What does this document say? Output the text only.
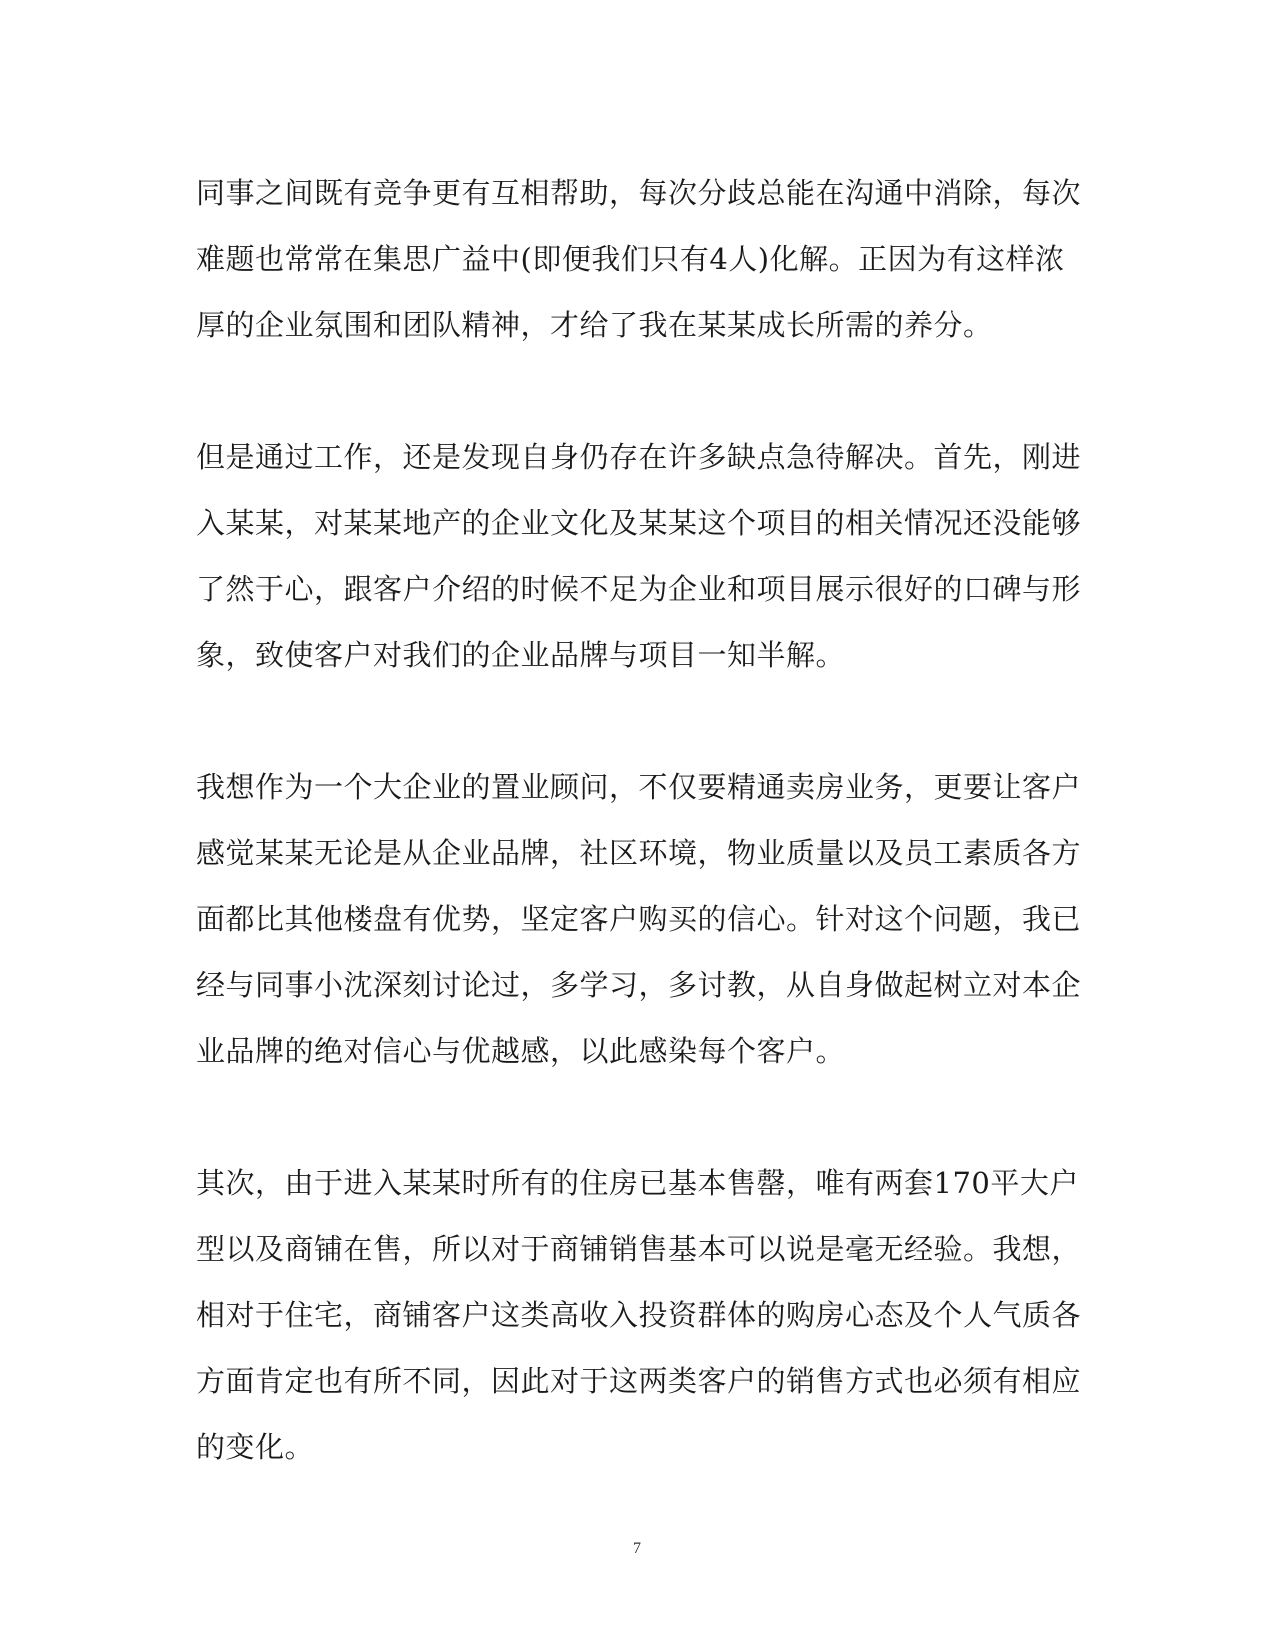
同事之间既有竞争更有互相帮助，每次分歧总能在沟通中消除，每次
难题也常常在集思广益中(即便我们只有4人)化解。正因为有这样浓
厚的企业氛围和团队精神，才给了我在某某成长所需的养分。

但是通过工作，还是发现自身仍存在许多缺点急待解决。首先，刚进
入某某，对某某地产的企业文化及某某这个项目的相关情况还没能够
了然于心，跟客户介绍的时候不足为企业和项目展示很好的口碑与形
象，致使客户对我们的企业品牌与项目一知半解。

我想作为一个大企业的置业顾问，不仅要精通卖房业务，更要让客户
感觉某某无论是从企业品牌，社区环境，物业质量以及员工素质各方
面都比其他楼盘有优势，坚定客户购买的信心。针对这个问题，我已
经与同事小沈深刻讨论过，多学习，多讨教，从自身做起树立对本企
业品牌的绝对信心与优越感，以此感染每个客户。

其次，由于进入某某时所有的住房已基本售罄，唯有两套170平大户
型以及商铺在售，所以对于商铺销售基本可以说是毫无经验。我想，
相对于住宅，商铺客户这类高收入投资群体的购房心态及个人气质各
方面肯定也有所不同，因此对于这两类客户的销售方式也必须有相应
的变化。

7
